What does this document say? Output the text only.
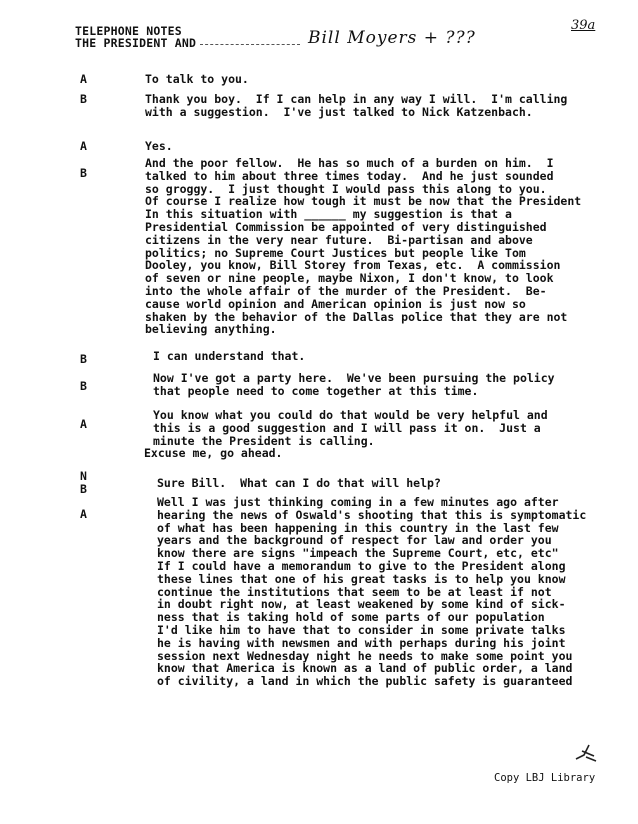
TELEPHONE NOTES
THE PRESIDENT AND	Bill Moyers + ???
39a
A	To talk to you.
B	Thank you boy.  If I can help in any way I will.  I'm calling
with a suggestion.  I've just talked to Nick Katzenbach.
A	Yes.
B
And the poor fellow.  He has so much of a burden on him.  I
talked to him about three times today.  And he just sounded
so groggy.  I just thought I would pass this along to you.
Of course I realize how tough it must be now that the President
In this situation with ______ my suggestion is that a
Presidential Commission be appointed of very distinguished
citizens in the very near future.  Bi-partisan and above
politics; no Supreme Court Justices but people like Tom
Dooley, you know, Bill Storey from Texas, etc.  A commission
of seven or nine people, maybe Nixon, I don't know, to look
into the whole affair of the murder of the President.  Be-
cause world opinion and American opinion is just now so
shaken by the behavior of the Dallas police that they are not
believing anything.
B	I can understand that.
B
Now I've got a party here.  We've been pursuing the policy
that people need to come together at this time.
A
You know what you could do that would be very helpful and
this is a good suggestion and I will pass it on.  Just a
minute the President is calling.
Excuse me, go ahead.
N
B	Sure Bill.  What can I do that will help?
A
Well I was just thinking coming in a few minutes ago after
hearing the news of Oswald's shooting that this is symptomatic
of what has been happening in this country in the last few
years and the background of respect for law and order you
know there are signs "impeach the Supreme Court, etc, etc"
If I could have a memorandum to give to the President along
these lines that one of his great tasks is to help you know
continue the institutions that seem to be at least if not
in doubt right now, at least weakened by some kind of sick-
ness that is taking hold of some parts of our population
I'd like him to have that to consider in some private talks
he is having with newsmen and with perhaps during his joint
session next Wednesday night he needs to make some point you
know that America is known as a land of public order, a land
of civility, a land in which the public safety is guaranteed
Copy LBJ Library
